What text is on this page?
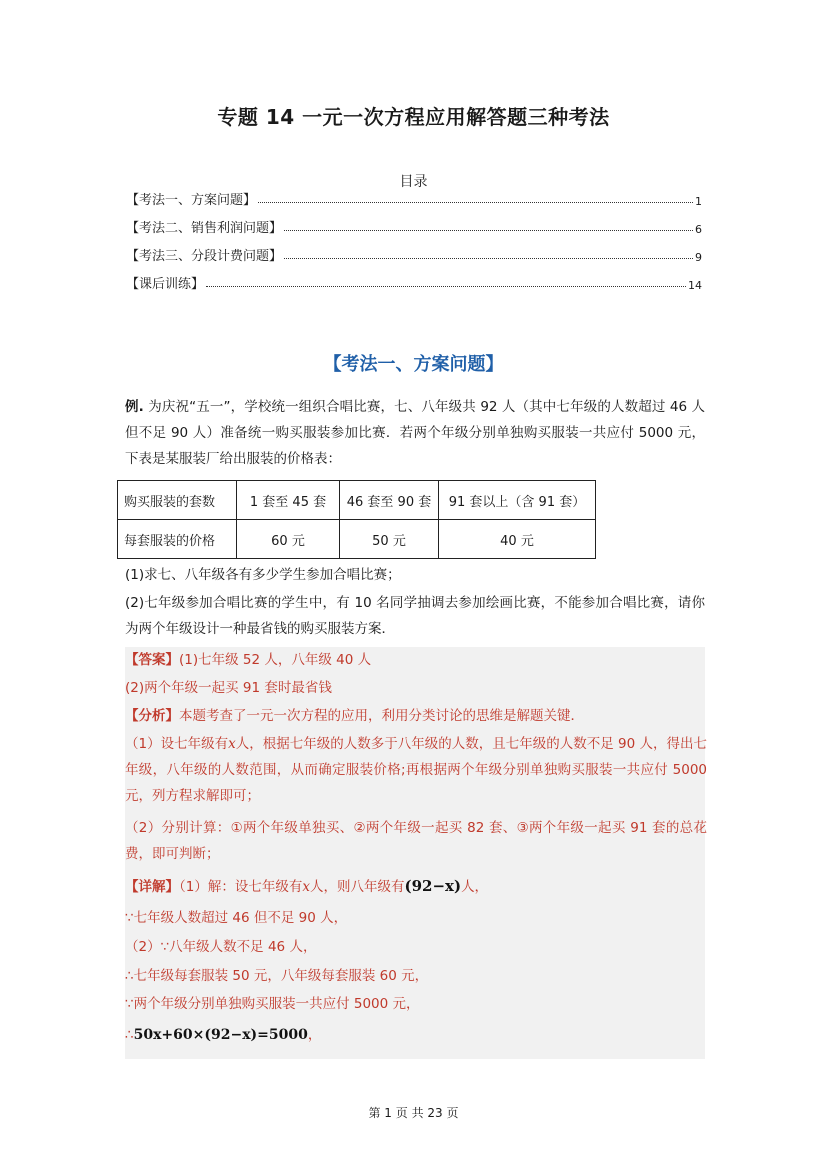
专题 14 一元一次方程应用解答题三种考法
目录
【考法一、方案问题】	1
【考法二、销售利润问题】	6
【考法三、分段计费问题】	9
【课后训练】	14
【考法一、方案问题】
例. 为庆祝“五一”，学校统一组织合唱比赛，七、八年级共 92 人（其中七年级的人数超过 46 人但不足 90 人）准备统一购买服装参加比赛．若两个年级分别单独购买服装一共应付 5000 元，下表是某服装厂给出服装的价格表：
购买服装的套数	1 套至 45 套	46 套至 90 套	91 套以上（含 91 套）
每套服装的价格	60 元	50 元	40 元
(1)求七、八年级各有多少学生参加合唱比赛；
(2)七年级参加合唱比赛的学生中，有 10 名同学抽调去参加绘画比赛，不能参加合唱比赛，请你为两个年级设计一种最省钱的购买服装方案．
【答案】(1)七年级 52 人，八年级 40 人
(2)两个年级一起买 91 套时最省钱
【分析】本题考查了一元一次方程的应用，利用分类讨论的思维是解题关键．
（1）设七年级有x人，根据七年级的人数多于八年级的人数，且七年级的人数不足 90 人，得出七年级，八年级的人数范围，从而确定服装价格;再根据两个年级分别单独购买服装一共应付 5000 元，列方程求解即可；
（2）分别计算：①两个年级单独买、②两个年级一起买 82 套、③两个年级一起买 91 套的总花费，即可判断；
【详解】（1）解：设七年级有x人，则八年级有(92−x)人，
∵七年级人数超过 46 但不足 90 人，
（2）∵八年级人数不足 46 人，
∴七年级每套服装 50 元，八年级每套服装 60 元，
∵两个年级分别单独购买服装一共应付 5000 元，
∴50x+60×(92−x)=5000，
第 1 页 共 23 页
